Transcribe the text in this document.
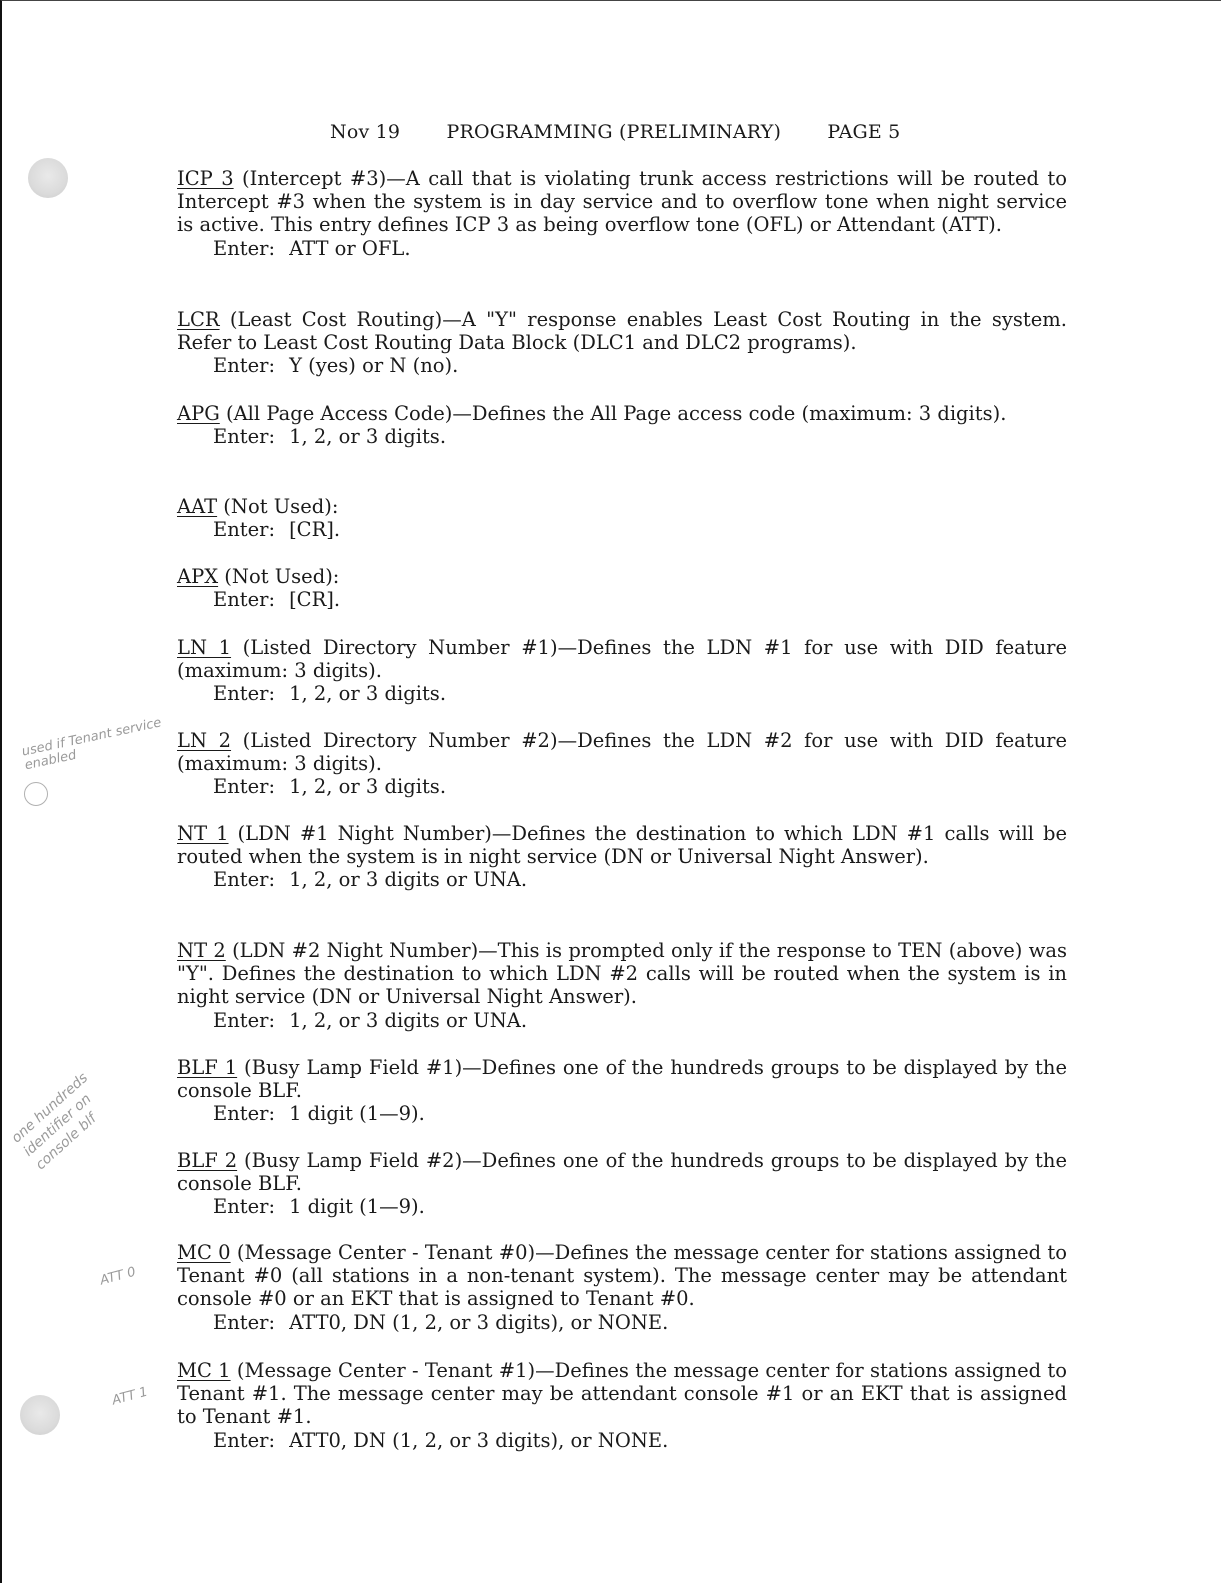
Nov 19 PROGRAMMING (PRELIMINARY) PAGE 5

ICP 3 (Intercept #3)—A call that is violating trunk access restrictions will be routed to Intercept #3 when the system is in day service and to overflow tone when night service is active. This entry defines ICP 3 as being overflow tone (OFL) or Attendant (ATT).

Enter: ATT or OFL.

LCR (Least Cost Routing)—A "Y" response enables Least Cost Routing in the system. Refer to Least Cost Routing Data Block (DLC1 and DLC2 programs).

Enter: Y (yes) or N (no).

APG (All Page Access Code)—Defines the All Page access code (maximum: 3 digits).

Enter: 1, 2, or 3 digits.

AAT (Not Used):

Enter: [CR].

APX (Not Used):

Enter: [CR].

LN 1 (Listed Directory Number #1)—Defines the LDN #1 for use with DID feature (maximum: 3 digits).

Enter: 1, 2, or 3 digits.

LN 2 (Listed Directory Number #2)—Defines the LDN #2 for use with DID feature (maximum: 3 digits).

Enter: 1, 2, or 3 digits.

NT 1 (LDN #1 Night Number)—Defines the destination to which LDN #1 calls will be routed when the system is in night service (DN or Universal Night Answer).

Enter: 1, 2, or 3 digits or UNA.

NT 2 (LDN #2 Night Number)—This is prompted only if the response to TEN (above) was "Y". Defines the destination to which LDN #2 calls will be routed when the system is in night service (DN or Universal Night Answer).

Enter: 1, 2, or 3 digits or UNA.

BLF 1 (Busy Lamp Field #1)—Defines one of the hundreds groups to be displayed by the console BLF.

Enter: 1 digit (1—9).

BLF 2 (Busy Lamp Field #2)—Defines one of the hundreds groups to be displayed by the console BLF.

Enter: 1 digit (1—9).

MC 0 (Message Center - Tenant #0)—Defines the message center for stations assigned to Tenant #0 (all stations in a non-tenant system). The message center may be attendant console #0 or an EKT that is assigned to Tenant #0.

Enter: ATT0, DN (1, 2, or 3 digits), or NONE.

MC 1 (Message Center - Tenant #1)—Defines the message center for stations assigned to Tenant #1. The message center may be attendant console #1 or an EKT that is assigned to Tenant #1.

Enter: ATT0, DN (1, 2, or 3 digits), or NONE.

used if Tenant service enabled
one hundreds identifier on console blf
ATT 0
ATT 1
